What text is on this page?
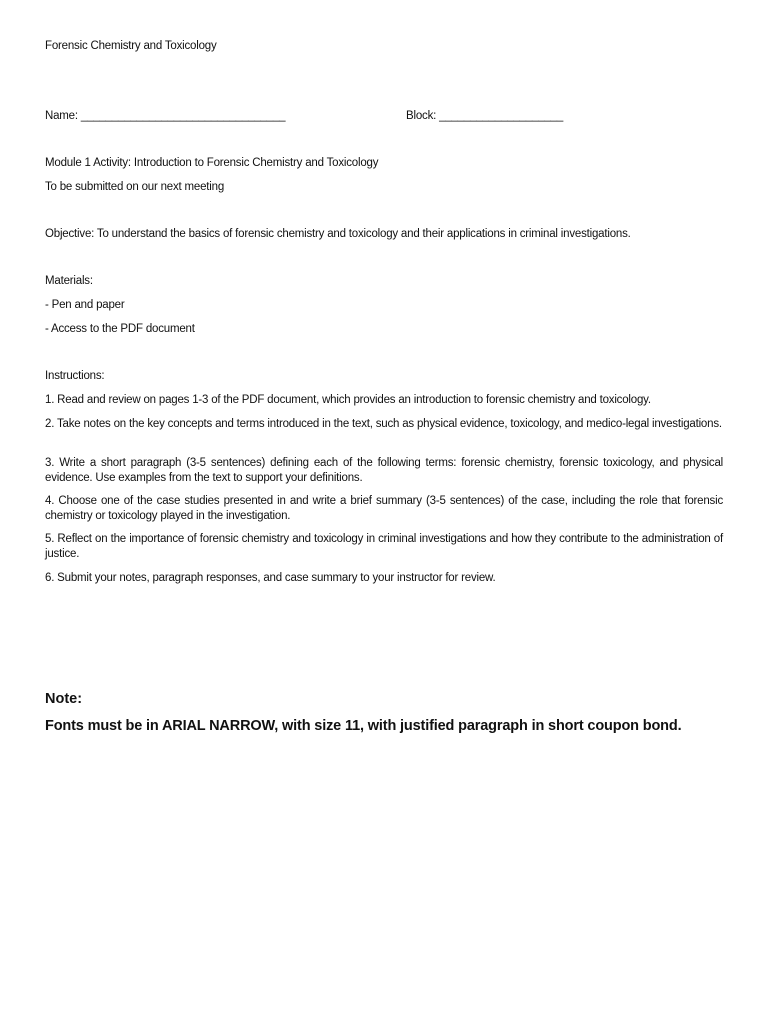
Forensic Chemistry and Toxicology
Name: _________________________________	Block: ____________________
Module 1 Activity: Introduction to Forensic Chemistry and Toxicology
To be submitted on our next meeting
Objective: To understand the basics of forensic chemistry and toxicology and their applications in criminal investigations.
Materials:
- Pen and paper
- Access to the PDF document
Instructions:
1. Read and review on pages 1-3 of the PDF document, which provides an introduction to forensic chemistry and toxicology.
2. Take notes on the key concepts and terms introduced in the text, such as physical evidence, toxicology, and medico-legal investigations.
3. Write a short paragraph (3-5 sentences) defining each of the following terms: forensic chemistry, forensic toxicology, and physical evidence. Use examples from the text to support your definitions.
4. Choose one of the case studies presented in and write a brief summary (3-5 sentences) of the case, including the role that forensic chemistry or toxicology played in the investigation.
5. Reflect on the importance of forensic chemistry and toxicology in criminal investigations and how they contribute to the administration of justice.
6. Submit your notes, paragraph responses, and case summary to your instructor for review.
Note:
Fonts must be in ARIAL NARROW, with size 11, with justified paragraph in short coupon bond.
